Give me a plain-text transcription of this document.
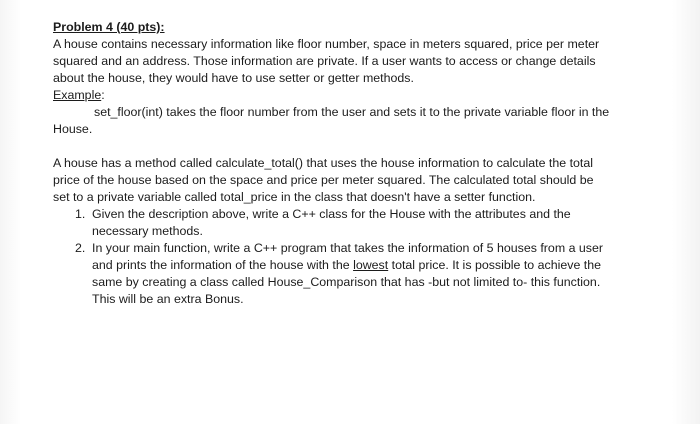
Problem 4 (40 pts):
A house contains necessary information like floor number, space in meters squared, price per meter
squared and an address. Those information are private. If a user wants to access or change details
about the house, they would have to use setter or getter methods.
Example:
set_floor(int) takes the floor number from the user and sets it to the private variable floor in the
House.
A house has a method called calculate_total() that uses the house information to calculate the total
price of the house based on the space and price per meter squared. The calculated total should be
set to a private variable called total_price in the class that doesn't have a setter function.
1. Given the description above, write a C++ class for the House with the attributes and the
necessary methods.
2. In your main function, write a C++ program that takes the information of 5 houses from a user
and prints the information of the house with the lowest total price. It is possible to achieve the
same by creating a class called House_Comparison that has -but not limited to- this function.
This will be an extra Bonus.
